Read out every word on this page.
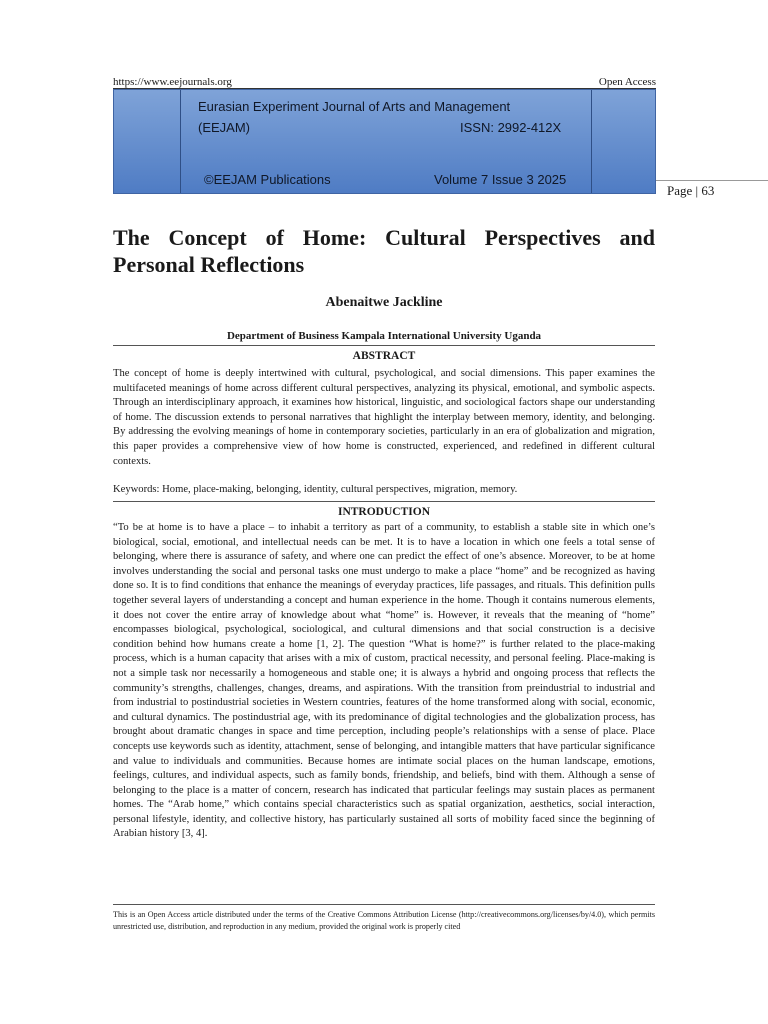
https://www.eejournals.org	Open Access
Eurasian Experiment Journal of Arts and Management
(EEJAM)	ISSN: 2992-412X
©EEJAM Publications	Volume 7 Issue 3 2025
Page | 63
The Concept of Home: Cultural Perspectives and Personal Reflections
Abenaitwe Jackline
Department of Business Kampala International University Uganda
ABSTRACT

The concept of home is deeply intertwined with cultural, psychological, and social dimensions. This paper examines the multifaceted meanings of home across different cultural perspectives, analyzing its physical, emotional, and symbolic aspects. Through an interdisciplinary approach, it examines how historical, linguistic, and sociological factors shape our understanding of home. The discussion extends to personal narratives that highlight the interplay between memory, identity, and belonging. By addressing the evolving meanings of home in contemporary societies, particularly in an era of globalization and migration, this paper provides a comprehensive view of how home is constructed, experienced, and redefined in different cultural contexts.

Keywords: Home, place-making, belonging, identity, cultural perspectives, migration, memory.
INTRODUCTION

“To be at home is to have a place – to inhabit a territory as part of a community, to establish a stable site in which one’s biological, social, emotional, and intellectual needs can be met. It is to have a location in which one feels a total sense of belonging, where there is assurance of safety, and where one can predict the effect of one’s absence. Moreover, to be at home involves understanding the social and personal tasks one must undergo to make a place “home” and be recognized as having done so. It is to find conditions that enhance the meanings of everyday practices, life passages, and rituals. This definition pulls together several layers of understanding a concept and human experience in the home. Though it contains numerous elements, it does not cover the entire array of knowledge about what “home” is. However, it reveals that the meaning of “home” encompasses biological, psychological, sociological, and cultural dimensions and that social construction is a decisive condition behind how humans create a home [1, 2]. The question “What is home?” is further related to the place-making process, which is a human capacity that arises with a mix of custom, practical necessity, and personal feeling. Place-making is not a simple task nor necessarily a homogeneous and stable one; it is always a hybrid and ongoing process that reflects the community’s strengths, challenges, changes, dreams, and aspirations. With the transition from preindustrial to industrial and from industrial to postindustrial societies in Western countries, features of the home transformed along with social, economic, and cultural dynamics. The postindustrial age, with its predominance of digital technologies and the globalization process, has brought about dramatic changes in space and time perception, including people’s relationships with a sense of place. Place concepts use keywords such as identity, attachment, sense of belonging, and intangible matters that have particular significance and value to individuals and communities. Because homes are intimate social places on the human landscape, emotions, feelings, cultures, and individual aspects, such as family bonds, friendship, and beliefs, bind with them. Although a sense of belonging to the place is a matter of concern, research has indicated that particular feelings may sustain places as permanent homes. The “Arab home,” which contains special characteristics such as spatial organization, aesthetics, social interaction, personal lifestyle, identity, and collective history, has particularly sustained all sorts of mobility faced since the beginning of Arabian history [3, 4].

This is an Open Access article distributed under the terms of the Creative Commons Attribution License (http://creativecommons.org/licenses/by/4.0), which permits unrestricted use, distribution, and reproduction in any medium, provided the original work is properly cited
